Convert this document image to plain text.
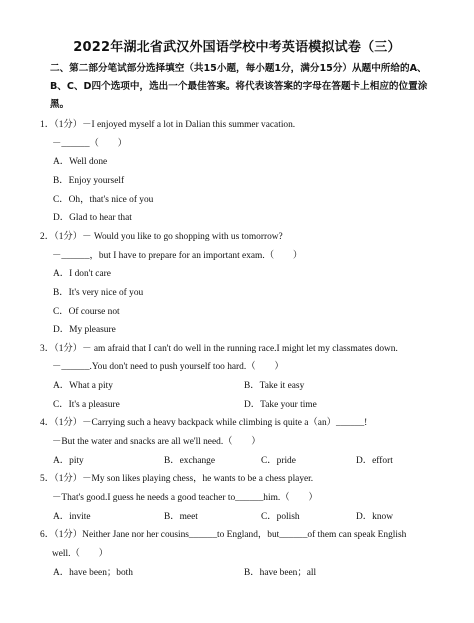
2022年湖北省武汉外国语学校中考英语模拟试卷（三）
二、第二部分笔试部分选择填空（共15小题，每小题1分，满分15分）从题中所给的A、B、C、D四个选项中，选出一个最佳答案。将代表该答案的字母在答题卡上相应的位置涂黑。
1．（1分）－I enjoyed myself a lot in Dalian this summer vacation.
－______（　　）
A．Well done
B．Enjoy yourself
C．Oh，that's nice of you
D．Glad to hear that
2．（1分）－ Would you like to go shopping with us tomorrow?
－______，but I have to prepare for an important exam.（　　）
A．I don't care
B．It's very nice of you
C．Of course not
D．My pleasure
3．（1分）－ am afraid that I can't do well in the running race.I might let my classmates down.
－______.You don't need to push yourself too hard.（　　）
A．What a pity	B．Take it easy
C．It's a pleasure	D．Take your time
4．（1分）－Carrying such a heavy backpack while climbing is quite a（an）______!
－But the water and snacks are all we'll need.（　　）
A．pity	B．exchange	C．pride	D．effort
5．（1分）－My son likes playing chess，he wants to be a chess player.
－That's good.I guess he needs a good teacher to______him.（　　）
A．invite	B．meet	C．polish	D．know
6．（1分）Neither Jane nor her cousins______to England，but______of them can speak English
well.（　　）
A．have been；both	B．have been；all
